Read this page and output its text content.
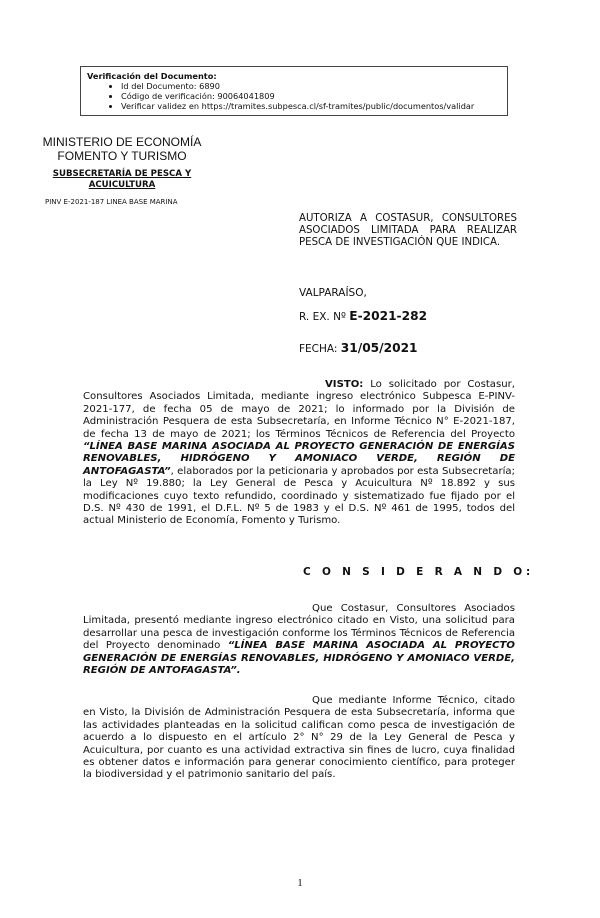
Verificación del Documento:
• Id del Documento: 6890
• Código de verificación: 90064041809
• Verificar validez en https://tramites.subpesca.cl/sf-tramites/public/documentos/validar
MINISTERIO DE ECONOMÍA
FOMENTO Y TURISMO
SUBSECRETARÍA DE PESCA Y ACUICULTURA
PINV E-2021-187 LINEA BASE MARINA
AUTORIZA A COSTASUR, CONSULTORES ASOCIADOS LIMITADA PARA REALIZAR PESCA DE INVESTIGACIÓN QUE INDICA.
VALPARAÍSO,
R. EX. Nº E-2021-282
FECHA: 31/05/2021
VISTO: Lo solicitado por Costasur, Consultores Asociados Limitada, mediante ingreso electrónico Subpesca E-PINV-2021-177, de fecha 05 de mayo de 2021; lo informado por la División de Administración Pesquera de esta Subsecretaría, en Informe Técnico N° E-2021-187, de fecha 13 de mayo de 2021; los Términos Técnicos de Referencia del Proyecto “LÍNEA BASE MARINA ASOCIADA AL PROYECTO GENERACIÓN DE ENERGÍAS RENOVABLES, HIDRÓGENO Y AMONIACO VERDE, REGIÓN DE ANTOFAGASTA”, elaborados por la peticionaria y aprobados por esta Subsecretaría; la Ley Nº 19.880; la Ley General de Pesca y Acuicultura Nº 18.892 y sus modificaciones cuyo texto refundido, coordinado y sistematizado fue fijado por el D.S. Nº 430 de 1991, el D.F.L. Nº 5 de 1983 y el D.S. Nº 461 de 1995, todos del actual Ministerio de Economía, Fomento y Turismo.
C O N S I D E R A N D O:
Que Costasur, Consultores Asociados Limitada, presentó mediante ingreso electrónico citado en Visto, una solicitud para desarrollar una pesca de investigación conforme los Términos Técnicos de Referencia del Proyecto denominado “LÍNEA BASE MARINA ASOCIADA AL PROYECTO GENERACIÓN DE ENERGÍAS RENOVABLES, HIDRÓGENO Y AMONIACO VERDE, REGIÓN DE ANTOFAGASTA”.
Que mediante Informe Técnico, citado en Visto, la División de Administración Pesquera de esta Subsecretaría, informa que las actividades planteadas en la solicitud califican como pesca de investigación de acuerdo a lo dispuesto en el artículo 2° N° 29 de la Ley General de Pesca y Acuicultura, por cuanto es una actividad extractiva sin fines de lucro, cuya finalidad es obtener datos e información para generar conocimiento científico, para proteger la biodiversidad y el patrimonio sanitario del país.
1
